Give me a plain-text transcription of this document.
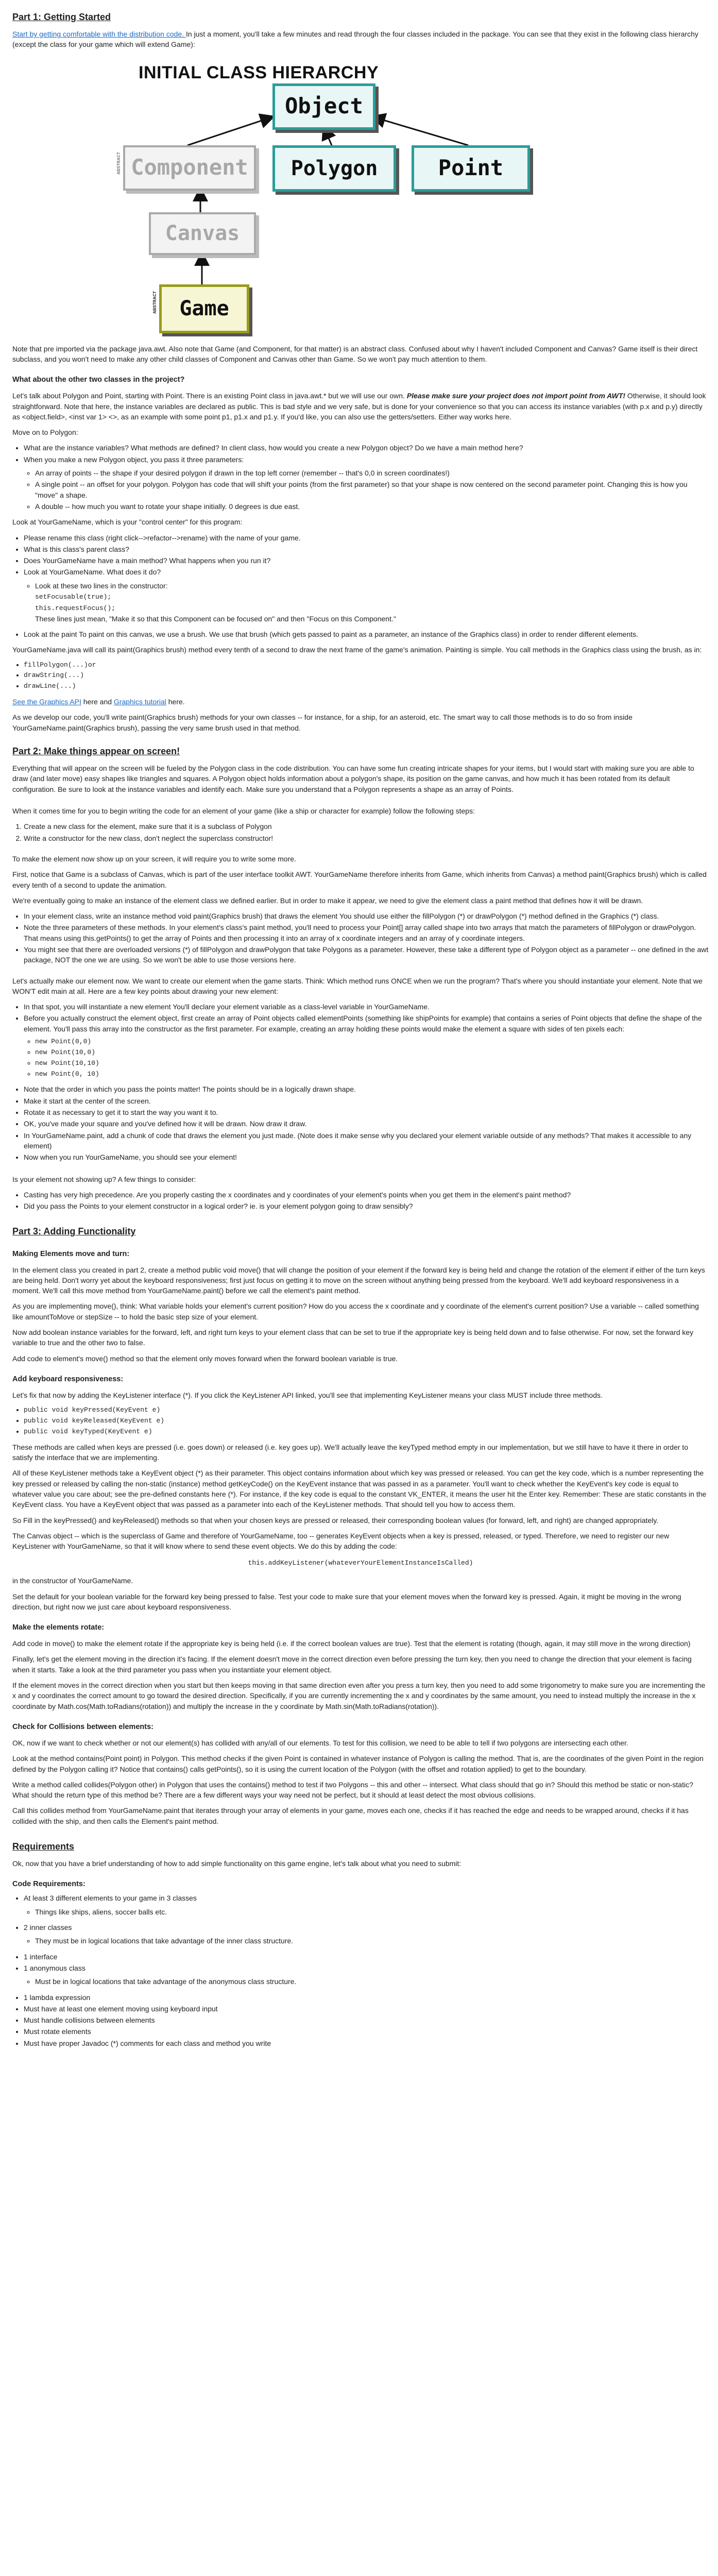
Part 1: Getting Started

Start by getting comfortable with the distribution code. In just a moment, you'll take a few minutes and read through the four classes included in the package. You can see that they exist in the following class hierarchy (except the class for your game which will extend Game):

INITIAL CLASS HIERARCHY
Object
Component	Polygon	Point
Canvas
Game
ABSTRACT
ABSTRACT

Note that pre imported via the package java.awt. Also note that Game (and Component, for that matter) is an abstract class. Confused about why I haven't included Component and Canvas? Game itself is their direct subclass, and you won't need to make any other child classes of Component and Canvas other than Game. So we won't pay much attention to them.

What about the other two classes in the project?

Let's talk about Polygon and Point, starting with Point. There is an existing Point class in java.awt.* but we will use our own. Please make sure your project does not import point from AWT! Otherwise, it should look straightforward. Note that here, the instance variables are declared as public. This is bad style and we very safe, but is done for your convenience so that you can access its instance variables (with p.x and p.y) directly as <object.field>, <inst var 1> <>, as an example with some point p1, p1.x and p1.y. If you'd like, you can also use the getters/setters. Either way works here.

Move on to Polygon:

• What are the instance variables? What methods are defined? In client class, how would you create a new Polygon object? Do we have a main method here?
• When you make a new Polygon object, you pass it three parameters:
◦ An array of points -- the shape if your desired polygon if drawn in the top left corner (remember -- that's 0,0 in screen coordinates!)
◦ A single point -- an offset for your polygon. Polygon has code that will shift your points (from the first parameter) so that your shape is now centered on the second parameter point. Changing this is how you "move" a shape.
◦ A double -- how much you want to rotate your shape initially. 0 degrees is due east.

Look at YourGameName, which is your "control center" for this program:

• Please rename this class (right click-->refactor-->rename) with the name of your game.
• What is this class's parent class?
• Does YourGameName have a main method? What happens when you run it?
• Look at YourGameName. What does it do?
◦ Look at these two lines in the constructor:
setFocusable(true);
this.requestFocus();
These lines just mean, "Make it so that this Component can be focused on" and then "Focus on this Component."
• Look at the paint To paint on this canvas, we use a brush. We use that brush (which gets passed to paint as a parameter, an instance of the Graphics class) in order to render different elements.

YourGameName.java will call its paint(Graphics brush) method every tenth of a second to draw the next frame of the game's animation. Painting is simple. You call methods in the Graphics class using the brush, as in:

• fillPolygon(...)or
• drawString(...)
• drawLine(...)

See the Graphics API here and Graphics tutorial here.

As we develop our code, you'll write paint(Graphics brush) methods for your own classes -- for instance, for a ship, for an asteroid, etc. The smart way to call those methods is to do so from inside YourGameName.paint(Graphics brush), passing the very same brush used in that method.

Part 2: Make things appear on screen!

Everything that will appear on the screen will be fueled by the Polygon class in the code distribution. You can have some fun creating intricate shapes for your items, but I would start with making sure you are able to draw (and later move) easy shapes like triangles and squares. A Polygon object holds information about a polygon's shape, its position on the game canvas, and how much it has been rotated from its default configuration. Be sure to look at the instance variables and identify each. Make sure you understand that a Polygon represents a shape as an array of Points.

When it comes time for you to begin writing the code for an element of your game (like a ship or character for example) follow the following steps:

1. Create a new class for the element, make sure that it is a subclass of Polygon
2. Write a constructor for the new class, don't neglect the superclass constructor!

To make the element now show up on your screen, it will require you to write some more.

First, notice that Game is a subclass of Canvas, which is part of the user interface toolkit AWT. YourGameName therefore inherits from Game, which inherits from Canvas) a method paint(Graphics brush) which is called every tenth of a second to update the animation.

We're eventually going to make an instance of the element class we defined earlier. But in order to make it appear, we need to give the element class a paint method that defines how it will be drawn.

• In your element class, write an instance method void paint(Graphics brush) that draws the element You should use either the fillPolygon (*) or drawPolygon (*) method defined in the Graphics (*) class.
• Note the three parameters of these methods. In your element's class's paint method, you'll need to process your Point[] array called shape into two arrays that match the parameters of fillPolygon or drawPolygon. That means using this.getPoints() to get the array of Points and then processing it into an array of x coordinate integers and an array of y coordinate integers.
• You might see that there are overloaded versions (*) of fillPolygon and drawPolygon that take Polygons as a parameter. However, these take a different type of Polygon object as a parameter -- one defined in the awt package, NOT the one we are using. So we won't be able to use those versions here.

Let's actually make our element now. We want to create our element when the game starts. Think: Which method runs ONCE when we run the program? That's where you should instantiate your element. Note that we WON'T edit main at all. Here are a few key points about drawing your new element:

• In that spot, you will instantiate a new element You'll declare your element variable as a class-level variable in YourGameName.
• Before you actually construct the element object, first create an array of Point objects called elementPoints (something like shipPoints for example) that contains a series of Point objects that define the shape of the element. You'll pass this array into the constructor as the first parameter. For example, creating an array holding these points would make the element a square with sides of ten pixels each:
◦ new Point(0,0)
◦ new Point(10,0)
◦ new Point(10,10)
◦ new Point(0, 10)
• Note that the order in which you pass the points matter! The points should be in a logically drawn shape.
• Make it start at the center of the screen.
• Rotate it as necessary to get it to start the way you want it to.
• OK, you've made your square and you've defined how it will be drawn. Now draw it draw.
• In YourGameName.paint, add a chunk of code that draws the element you just made. (Note does it make sense why you declared your element variable outside of any methods? That makes it accessible to any element)
• Now when you run YourGameName, you should see your element!

Is your element not showing up? A few things to consider:

• Casting has very high precedence. Are you properly casting the x coordinates and y coordinates of your element's points when you get them in the element's paint method?
• Did you pass the Points to your element constructor in a logical order? ie. is your element polygon going to draw sensibly?
Part 3: Adding Functionality
Making Elements move and turn:

In the element class you created in part 2, create a method public void move() that will change the position of your element if the forward key is being held and change the rotation of the element if either of the turn keys are being held. Don't worry yet about the keyboard responsiveness; first just focus on getting it to move on the screen without anything being pressed from the keyboard. We'll add keyboard responsiveness in a moment. We'll call this move method from YourGameName.paint() before we call the element's paint method.

As you are implementing move(), think: What variable holds your element's current position? How do you access the x coordinate and y coordinate of the element's current position? Use a variable -- called something like amountToMove or stepSize -- to hold the basic step size of your element.

Now add boolean instance variables for the forward, left, and right turn keys to your element class that can be set to true if the appropriate key is being held down and to false otherwise. For now, set the forward key variable to true and the other two to false.

Add code to element's move() method so that the element only moves forward when the forward boolean variable is true.

Add keyboard responsiveness:

Let's fix that now by adding the KeyListener interface (*). If you click the KeyListener API linked, you'll see that implementing KeyListener means your class MUST include three methods.

• public void keyPressed(KeyEvent e)
• public void keyReleased(KeyEvent e)
• public void keyTyped(KeyEvent e)

These methods are called when keys are pressed (i.e. goes down) or released (i.e. key goes up). We'll actually leave the keyTyped method empty in our implementation, but we still have to have it there in order to satisfy the interface that we are implementing.

All of these KeyListener methods take a KeyEvent object (*) as their parameter. This object contains information about which key was pressed or released. You can get the key code, which is a number representing the key pressed or released by calling the non-static (instance) method getKeyCode() on the KeyEvent instance that was passed in as a parameter. You'll want to check whether the KeyEvent's key code is equal to whatever value you care about; see the pre-defined constants here (*). For instance, if the key code is equal to the constant VK_ENTER, it means the user hit the Enter key. Remember: These are static constants in the KeyEvent class. You have a KeyEvent object that was passed as a parameter into each of the KeyListener methods. That should tell you how to access them.

So Fill in the keyPressed() and keyReleased() methods so that when your chosen keys are pressed or released, their corresponding boolean values (for forward, left, and right) are changed appropriately.

The Canvas object -- which is the superclass of Game and therefore of YourGameName, too -- generates KeyEvent objects when a key is pressed, released, or typed. Therefore, we need to register our new KeyListener with YourGameName, so that it will know where to send these event objects. We do this by adding the code:

this.addKeyListener(whateverYourElementInstanceIsCalled)

in the constructor of YourGameName.

Set the default for your boolean variable for the forward key being pressed to false. Test your code to make sure that your element moves when the forward key is pressed. Again, it might be moving in the wrong direction, but right now we just care about keyboard responsiveness.

Make the elements rotate:

Add code in move() to make the element rotate if the appropriate key is being held (i.e. if the correct boolean values are true). Test that the element is rotating (though, again, it may still move in the wrong direction)

Finally, let's get the element moving in the direction it's facing. If the element doesn't move in the correct direction even before pressing the turn key, then you need to change the direction that your element is facing when it starts. Take a look at the third parameter you pass when you instantiate your element object.

If the element moves in the correct direction when you start but then keeps moving in that same direction even after you press a turn key, then you need to add some trigonometry to make sure you are incrementing the x and y coordinates the correct amount to go toward the desired direction. Specifically, if you are currently incrementing the x and y coordinates by the same amount, you need to instead multiply the increase in the x coordinate by Math.cos(Math.toRadians(rotation)) and multiply the increase in the y coordinate by Math.sin(Math.toRadians(rotation)).

Check for Collisions between elements:

OK, now if we want to check whether or not our element(s) has collided with any/all of our elements. To test for this collision, we need to be able to tell if two polygons are intersecting each other.

Look at the method contains(Point point) in Polygon. This method checks if the given Point is contained in whatever instance of Polygon is calling the method. That is, are the coordinates of the given Point in the region defined by the Polygon calling it? Notice that contains() calls getPoints(), so it is using the current location of the Polygon (with the offset and rotation applied) to get to the boundary.

Write a method called collides(Polygon other) in Polygon that uses the contains() method to test if two Polygons -- this and other -- intersect. What class should that go in? Should this method be static or non-static? What should the return type of this method be? There are a few different ways your way need not be perfect, but it should at least detect the most obvious collisions.

Call this collides method from YourGameName.paint that iterates through your array of elements in your game, moves each one, checks if it has reached the edge and needs to be wrapped around, checks if it has collided with the ship, and then calls the Element's paint method.

Requirements

Ok, now that you have a brief understanding of how to add simple functionality on this game engine, let's talk about what you need to submit:

Code Requirements:
• At least 3 different elements to your game in 3 classes
◦ Things like ships, aliens, soccer balls etc.
• 2 inner classes
◦ They must be in logical locations that take advantage of the inner class structure.
• 1 interface
• 1 anonymous class
◦ Must be in logical locations that take advantage of the anonymous class structure.
• 1 lambda expression
• Must have at least one element moving using keyboard input
• Must handle collisions between elements
• Must rotate elements
• Must have proper Javadoc (*) comments for each class and method you write
